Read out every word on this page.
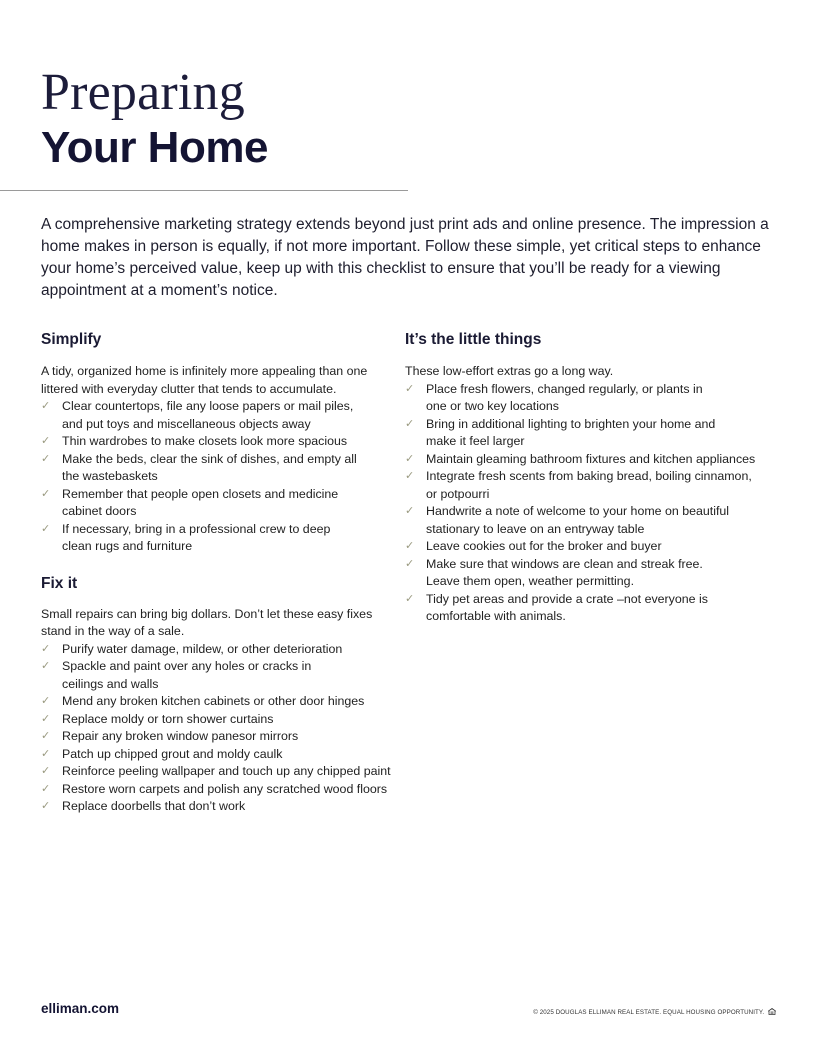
Preparing
Your Home

A comprehensive marketing strategy extends beyond just print ads and online presence. The impression a home makes in person is equally, if not more important. Follow these simple, yet critical steps to enhance your home’s perceived value, keep up with this checklist to ensure that you’ll be ready for a viewing appointment at a moment’s notice.

Simplify

A tidy, organized home is infinitely more appealing than one littered with everyday clutter that tends to accumulate.

✓ Clear countertops, file any loose papers or mail piles, and put toys and miscellaneous objects away
✓ Thin wardrobes to make closets look more spacious
✓ Make the beds, clear the sink of dishes, and empty all the wastebaskets
✓ Remember that people open closets and medicine cabinet doors
✓ If necessary, bring in a professional crew to deep clean rugs and furniture
Fix it

Small repairs can bring big dollars. Don’t let these easy fixes stand in the way of a sale.

✓ Purify water damage, mildew, or other deterioration
✓ Spackle and paint over any holes or cracks in ceilings and walls
✓ Mend any broken kitchen cabinets or other door hinges
✓ Replace moldy or torn shower curtains
✓ Repair any broken window panesor mirrors
✓ Patch up chipped grout and moldy caulk
✓ Reinforce peeling wallpaper and touch up any chipped paint
✓ Restore worn carpets and polish any scratched wood floors
✓ Replace doorbells that don’t work
It’s the little things

These low-effort extras go a long way.

✓ Place fresh flowers, changed regularly, or plants in one or two key locations
✓ Bring in additional lighting to brighten your home and make it feel larger
✓ Maintain gleaming bathroom fixtures and kitchen appliances
✓ Integrate fresh scents from baking bread, boiling cinnamon, or potpourri
✓ Handwrite a note of welcome to your home on beautiful stationary to leave on an entryway table
✓ Leave cookies out for the broker and buyer
✓ Make sure that windows are clean and streak free. Leave them open, weather permitting.
✓ Tidy pet areas and provide a crate –not everyone is comfortable with animals.
elliman.com	© 2025 DOUGLAS ELLIMAN REAL ESTATE. EQUAL HOUSING OPPORTUNITY.
